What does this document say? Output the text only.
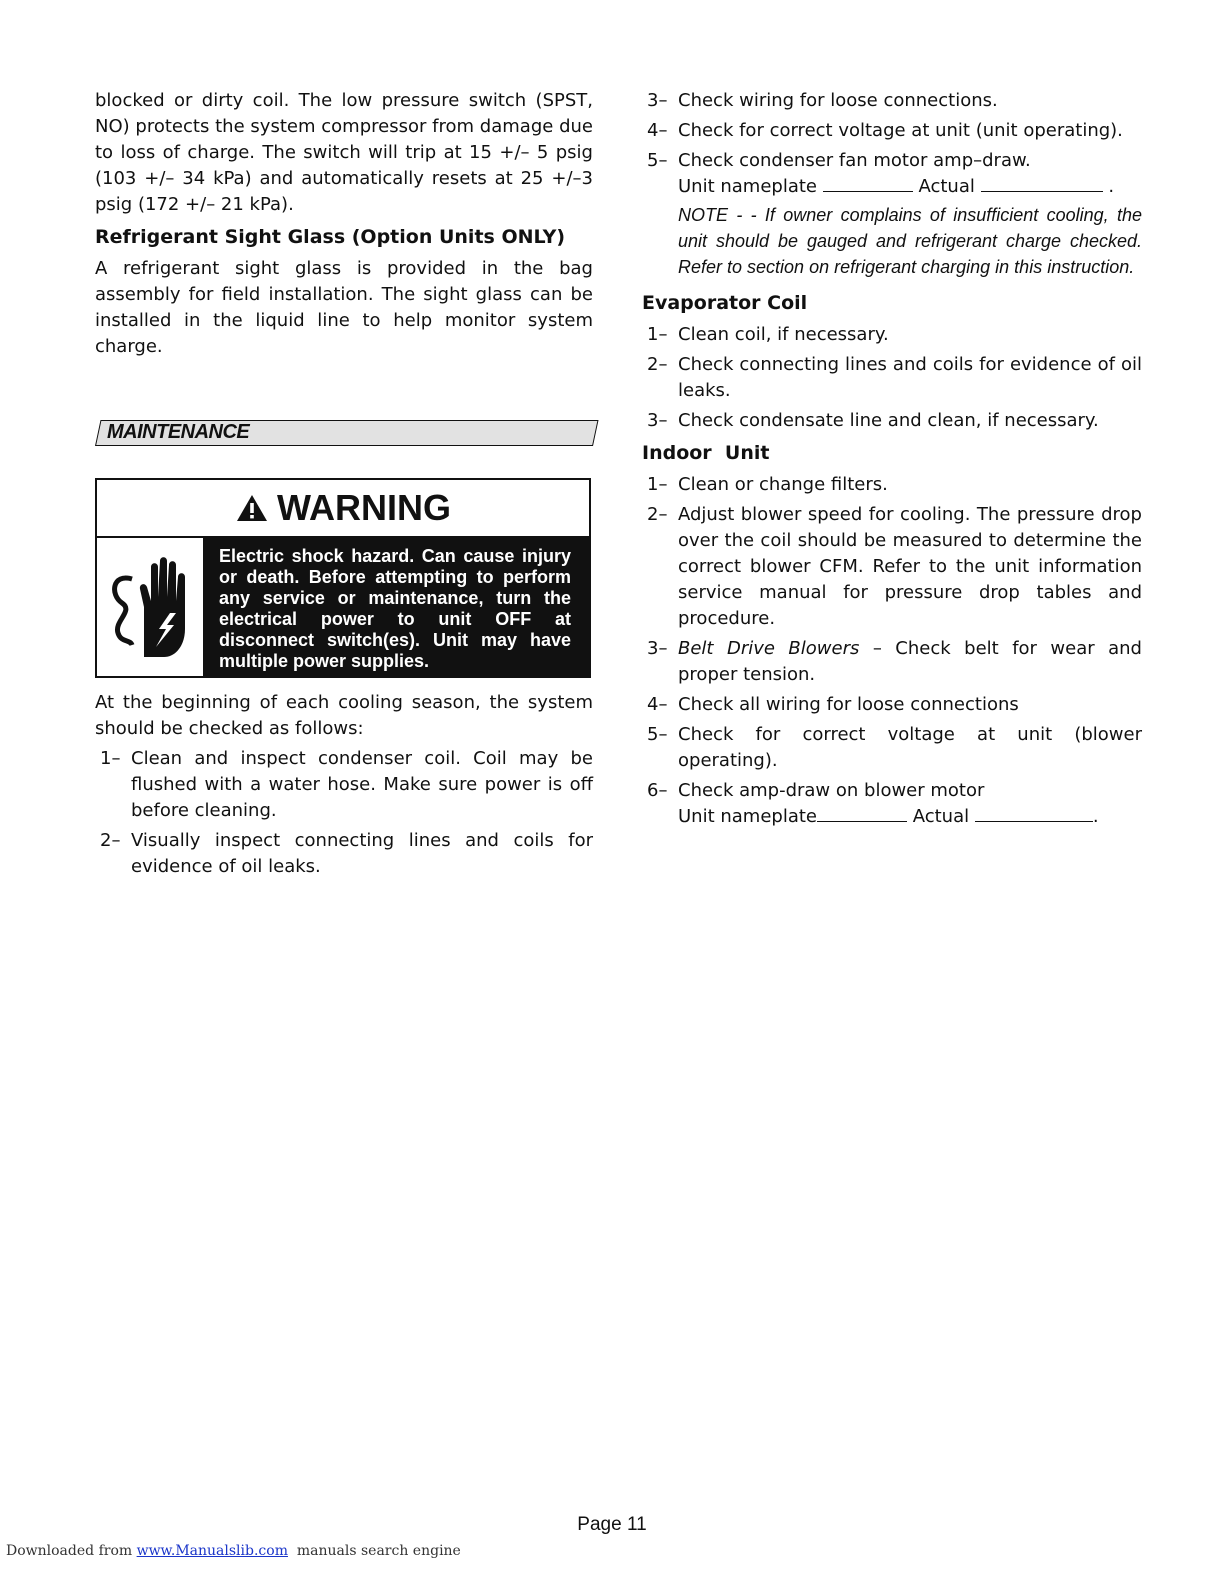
blocked or dirty coil. The low pressure switch (SPST, NO) protects the system compressor from damage due to loss of charge. The switch will trip at 15 +/– 5 psig (103 +/– 34 kPa) and automatically resets at 25 +/–3 psig (172 +/– 21 kPa).

Refrigerant Sight Glass (Option Units ONLY)

A refrigerant sight glass is provided in the bag assembly for field installation. The sight glass can be installed in the liquid line to help monitor system charge.

MAINTENANCE
WARNING
Electric shock hazard. Can cause injury or death. Before attempting to perform any service or maintenance, turn the electrical power to unit OFF at disconnect switch(es). Unit may have multiple power supplies.

At the beginning of each cooling season, the system should be checked as follows:

1– Clean and inspect condenser coil. Coil may be flushed with a water hose. Make sure power is off before cleaning.
2– Visually inspect connecting lines and coils for evidence of oil leaks.
3– Check wiring for loose connections.
4– Check for correct voltage at unit (unit operating).
5– Check condenser fan motor amp–draw.

Unit nameplate	Actual	.

NOTE - - If owner complains of insufficient cooling, the unit should be gauged and refrigerant charge checked. Refer to section on refrigerant charging in this instruction.

Evaporator Coil
1– Clean coil, if necessary.
2– Check connecting lines and coils for evidence of oil leaks.
3– Check condensate line and clean, if necessary.
Indoor  Unit
1– Clean or change filters.
2– Adjust blower speed for cooling. The pressure drop over the coil should be measured to determine the correct blower CFM. Refer to the unit information service manual for pressure drop tables and procedure.
3– Belt Drive Blowers – Check belt for wear and proper tension.
4– Check all wiring for loose connections
5– Check for correct voltage at unit (blower operating).
6– Check amp-draw on blower motor

Unit nameplate	Actual	.

Page 11
Downloaded from www.Manualslib.com  manuals search engine
